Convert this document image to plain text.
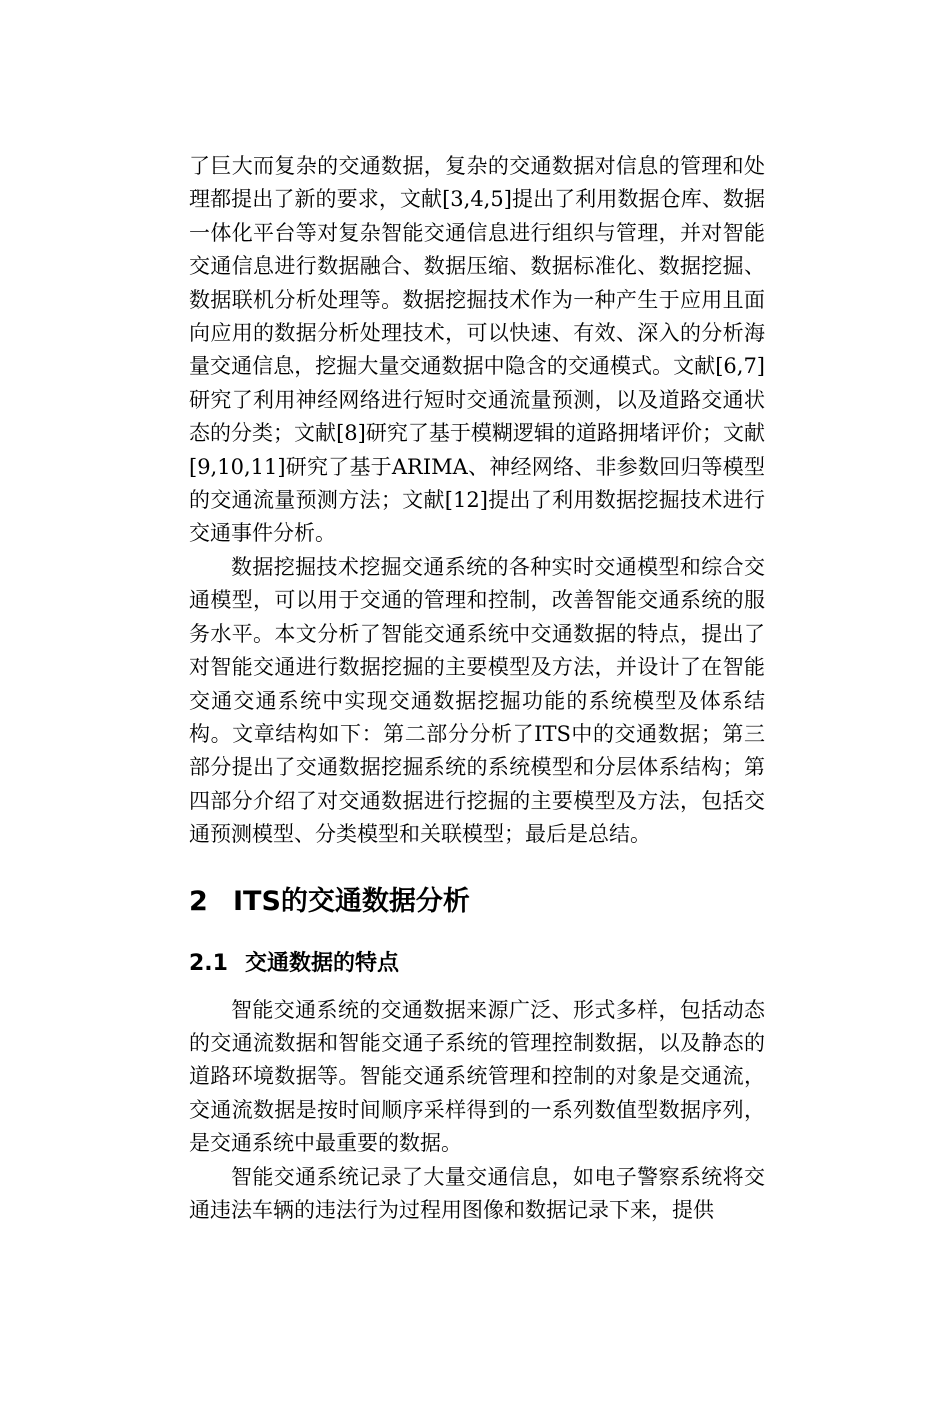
了巨大而复杂的交通数据，复杂的交通数据对信息的管理和处理都提出了新的要求，文献[3,4,5]提出了利用数据仓库、数据一体化平台等对复杂智能交通信息进行组织与管理，并对智能交通信息进行数据融合、数据压缩、数据标准化、数据挖掘、数据联机分析处理等。数据挖掘技术作为一种产生于应用且面向应用的数据分析处理技术，可以快速、有效、深入的分析海量交通信息，挖掘大量交通数据中隐含的交通模式。文献[6,7]研究了利用神经网络进行短时交通流量预测，以及道路交通状态的分类；文献[8]研究了基于模糊逻辑的道路拥堵评价；文献[9,10,11]研究了基于ARIMA、神经网络、非参数回归等模型的交通流量预测方法；文献[12]提出了利用数据挖掘技术进行交通事件分析。

数据挖掘技术挖掘交通系统的各种实时交通模型和综合交通模型，可以用于交通的管理和控制，改善智能交通系统的服务水平。本文分析了智能交通系统中交通数据的特点，提出了对智能交通进行数据挖掘的主要模型及方法，并设计了在智能交通交通系统中实现交通数据挖掘功能的系统模型及体系结构。文章结构如下：第二部分分析了ITS中的交通数据；第三部分提出了交通数据挖掘系统的系统模型和分层体系结构；第四部分介绍了对交通数据进行挖掘的主要模型及方法，包括交通预测模型、分类模型和关联模型；最后是总结。

2 ITS的交通数据分析
2.1 交通数据的特点

智能交通系统的交通数据来源广泛、形式多样，包括动态的交通流数据和智能交通子系统的管理控制数据，以及静态的道路环境数据等。智能交通系统管理和控制的对象是交通流，交通流数据是按时间顺序采样得到的一系列数值型数据序列，是交通系统中最重要的数据。

智能交通系统记录了大量交通信息，如电子警察系统将交通违法车辆的违法行为过程用图像和数据记录下来，提供
